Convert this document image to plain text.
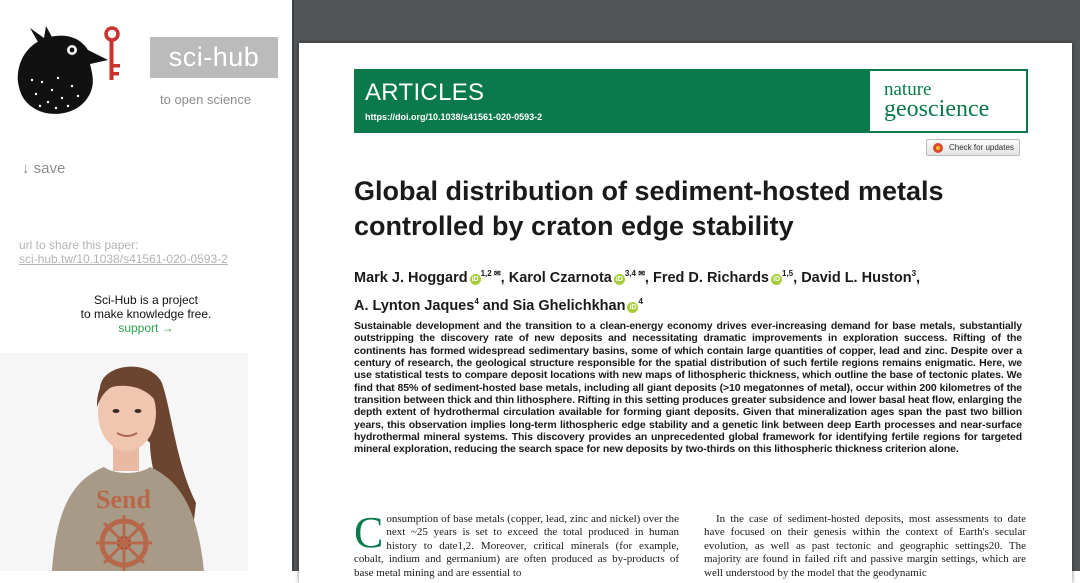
sci-hub
to open science
↓ save
url to share this paper:
sci-hub.tw/10.1038/s41561-020-0593-2
Sci-Hub is a project
to make knowledge free.
support →
Send
ARTICLES
https://doi.org/10.1038/s41561-020-0593-2
nature
geoscience
Check for updates
Global distribution of sediment-hosted metals
controlled by craton edge stability
Mark J. Hoggard $iD^{1,2 ✉}$, Karol Czarnota $iD^{3,4 ✉}$, Fred D. Richards iD$^{1,5}$, David L. Huston$^3$,
A. Lynton Jaques$^4$ and Sia Ghelichkhan $iD^4$
Sustainable development and the transition to a clean-energy economy drives ever-increasing demand for base metals, substantially outstripping the discovery rate of new deposits and necessitating dramatic improvements in exploration success. Rifting of the continents has formed widespread sedimentary basins, some of which contain large quantities of copper, lead and zinc. Despite over a century of research, the geological structure responsible for the spatial distribution of such fertile regions remains enigmatic. Here, we use statistical tests to compare deposit locations with new maps of lithospheric thickness, which outline the base of tectonic plates. We find that 85% of sediment-hosted base metals, including all giant deposits (>10 megatonnes of metal), occur within 200 kilometres of the transition between thick and thin lithosphere. Rifting in this setting produces greater subsidence and lower basal heat flow, enlarging the depth extent of hydrothermal circulation available for forming giant deposits. Given that mineralization ages span the past two billion years, this observation implies long-term lithospheric edge stability and a genetic link between deep Earth processes and near-surface hydrothermal mineral systems. This discovery provides an unprecedented global framework for identifying fertile regions for targeted mineral exploration, reducing the search space for new deposits by two-thirds on this lithospheric thickness criterion alone.
C onsumption of base metals (copper, lead, zinc and nickel) over the next ~25 years is set to exceed the total produced in human history to date1,2. Moreover, critical minerals (for example, cobalt, indium and germanium) are often produced as by-products of base metal mining and are essential to
In the case of sediment-hosted deposits, most assessments to date have focused on their genesis within the context of Earth's secular evolution, as well as past tectonic and geographic settings20. The majority are found in failed rift and passive margin settings, which are well understood by the model that the geodynamic
